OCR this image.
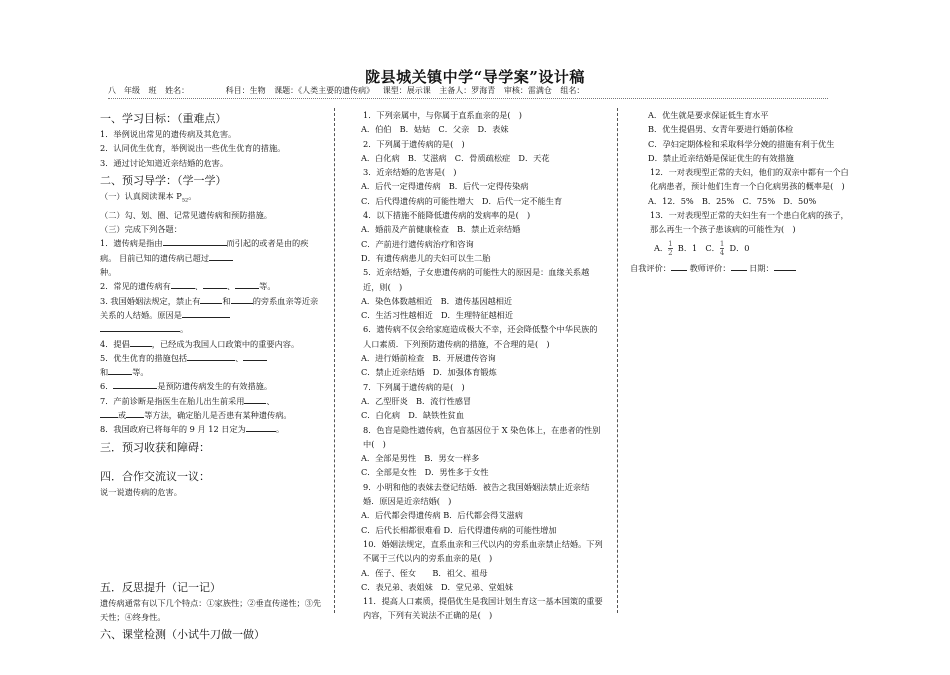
陇县城关镇中学“导学案”设计稿
八　年级 班 姓名：	科目：生物 课题：《人类主要的遗传病》 课型：展示课 主备人：罗海青 审核：雷满仓 组名：
一、学习目标：（重难点）
1．举例说出常见的遗传病及其危害。
2．认同优生优育，举例说出一些优生优育的措施。
3．通过讨论知道近亲结婚的危害。
二、预习导学：（学一学）
（一）认真阅读课本 $P_{52}$。
（二）勾、划、圈、记常见遗传病和预防措施。
（三）完成下列各题：
1．遗传病是指由	而引起的或者是由的疾病。 目前已知的遗传病已超过
种。
2．常见的遗传病有	、	、	等。
3. 我国婚姻法规定，禁止有	和	的旁系血亲等近亲关系的人结婚。原因是
。
4．提倡	，已经成为我国人口政策中的重要内容。
5．优生优育的措施包括	、
和	等。
6．	是预防遗传病发生的有效措施。
7．产前诊断是指医生在胎儿出生前采用	、
或 等方法，确定胎儿是否患有某种遗传病。
8．我国政府已将每年的 9 月 12 日定为	。
三．预习收获和障碍：
四．合作交流议一议：
说一说遗传病的危害。
五．反思提升（记一记）
遗传病通常有以下几个特点：①家族性；②垂直传递性；③先天性；④终身性。
六、课堂检测（小试牛刀做一做）
1．下列亲属中，与你属于直系血亲的是(　)
A．伯伯　B．姑姑　C．父亲　D．表妹
2．下列属于遗传病的是(　)
A．白化病　B．艾滋病　C．骨质疏松症　D．天花
3．近亲结婚的危害是(　)
A．后代一定得遗传病　B．后代一定得传染病
C．后代得遗传病的可能性增大　D．后代一定不能生育
4．以下措施不能降低遗传病的发病率的是(　)
A．婚前及产前健康检查　B．禁止近亲结婚
C．产前进行遗传病治疗和咨询
D．有遗传病患儿的夫妇可以生二胎
5．近亲结婚，子女患遗传病的可能性大的原因是：血缘关系越近，则(　)
A．染色体数越相近　B．遗传基因越相近
C．生活习性越相近　D．生理特征越相近
6．遗传病不仅会给家庭造成极大不幸，还会降低整个中华民族的人口素质．下列预防遗传病的措施，不合理的是(　)
A．进行婚前检查　B．开展遗传咨询
C．禁止近亲结婚　D．加强体育锻炼
7．下列属于遗传病的是(　)
A．乙型肝炎　B．流行性感冒
C．白化病　D．缺铁性贫血
8．色盲是隐性遗传病，色盲基因位于 X 染色体上，在患者的性别中(　)
A．全部是男性　B．男女一样多
C．全部是女性　D．男性多于女性
9．小明和他的表妹去登记结婚．被告之我国婚姻法禁止近亲结婚．原因是近亲结婚(　)
A．后代都会得遗传病 B．后代都会得艾滋病
C．后代长相都很难看 D．后代得遗传病的可能性增加
10．婚姻法规定，直系血亲和三代以内的旁系血亲禁止结婚。下列不属于三代以内的旁系血亲的是(　)
A．侄子、侄女　　B．祖父、祖母
C．表兄弟、表姐妹　D．堂兄弟、堂姐妹
11．提高人口素质，提倡优生是我国计划生育这一基本国策的重要内容，下列有关说法不正确的是(　)
A．优生就是要求保证低生育水平
B．优生提倡男、女青年要进行婚前体检
C．孕妇定期体检和采取科学分娩的措施有利于优生
D．禁止近亲结婚是保证优生的有效措施
12．一对表现型正常的夫妇，他们的双亲中都有一个白化病患者，预计他们生育一个白化病男孩的概率是(　)
A．12．5%　B．25%　C．75%　D．50%
13．一对表现型正常的夫妇生有一个患白化病的孩子，那么再生一个孩子患该病的可能性为(　)
A． $\frac{1}{2}$ B．1　C． $\frac{1}{4}$ D．0
自我评价： 教师评价： 日期：
